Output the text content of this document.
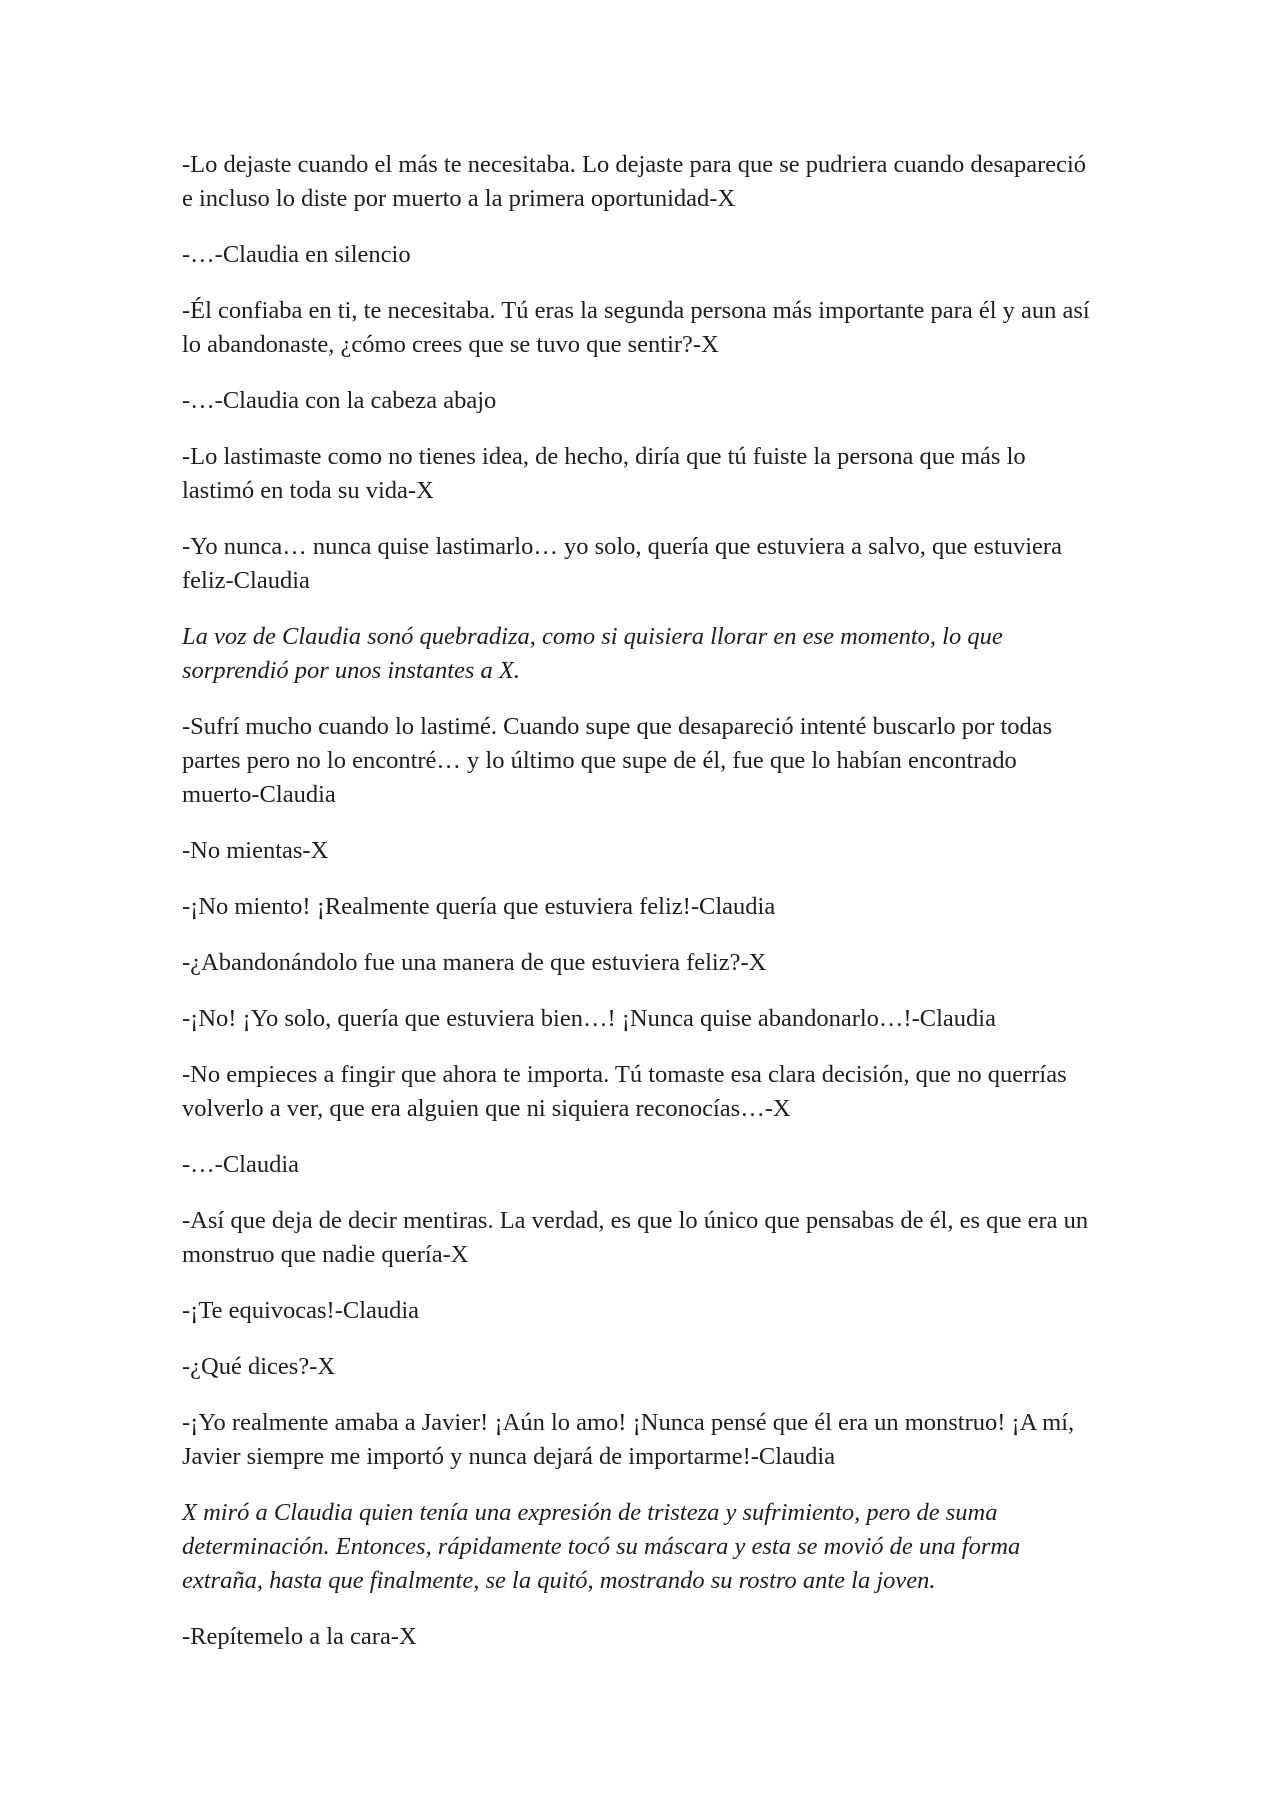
-Lo dejaste cuando el más te necesitaba. Lo dejaste para que se pudriera cuando desapareció e incluso lo diste por muerto a la primera oportunidad-X

-…-Claudia en silencio

-Él confiaba en ti, te necesitaba. Tú eras la segunda persona más importante para él y aun así lo abandonaste, ¿cómo crees que se tuvo que sentir?-X

-…-Claudia con la cabeza abajo

-Lo lastimaste como no tienes idea, de hecho, diría que tú fuiste la persona que más lo lastimó en toda su vida-X

-Yo nunca… nunca quise lastimarlo… yo solo, quería que estuviera a salvo, que estuviera feliz-Claudia

La voz de Claudia sonó quebradiza, como si quisiera llorar en ese momento, lo que sorprendió por unos instantes a X.

-Sufrí mucho cuando lo lastimé. Cuando supe que desapareció intenté buscarlo por todas partes pero no lo encontré… y lo último que supe de él, fue que lo habían encontrado muerto-Claudia

-No mientas-X

-¡No miento! ¡Realmente quería que estuviera feliz!-Claudia

-¿Abandonándolo fue una manera de que estuviera feliz?-X

-¡No! ¡Yo solo, quería que estuviera bien…! ¡Nunca quise abandonarlo…!-Claudia

-No empieces a fingir que ahora te importa. Tú tomaste esa clara decisión, que no querrías volverlo a ver, que era alguien que ni siquiera reconocías…-X

-…-Claudia

-Así que deja de decir mentiras. La verdad, es que lo único que pensabas de él, es que era un monstruo que nadie quería-X

-¡Te equivocas!-Claudia

-¿Qué dices?-X

-¡Yo realmente amaba a Javier! ¡Aún lo amo! ¡Nunca pensé que él era un monstruo! ¡A mí, Javier siempre me importó y nunca dejará de importarme!-Claudia

X miró a Claudia quien tenía una expresión de tristeza y sufrimiento, pero de suma determinación. Entonces, rápidamente tocó su máscara y esta se movió de una forma extraña, hasta que finalmente, se la quitó, mostrando su rostro ante la joven.

-Repítemelo a la cara-X
